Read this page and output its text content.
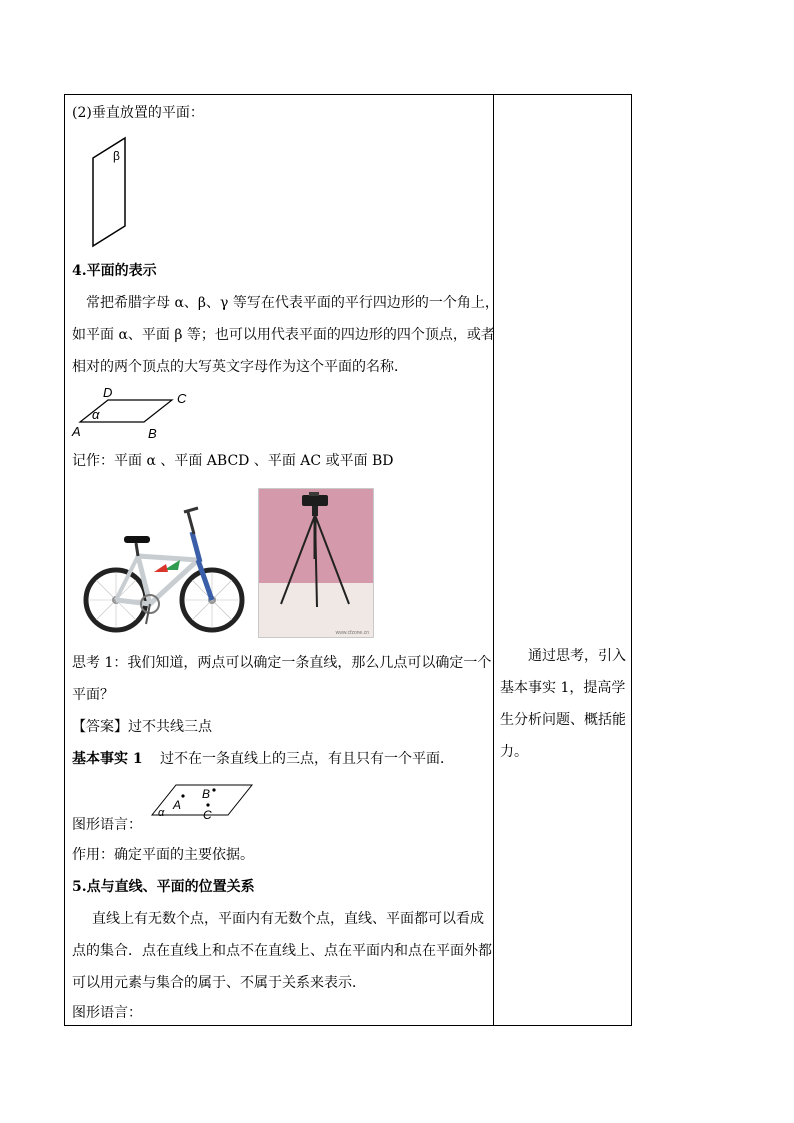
(2)垂直放置的平面：
β
4.平面的表示
常把希腊字母 α、β、γ 等写在代表平面的平行四边形的一个角上，
如平面 α、平面 β 等；也可以用代表平面的四边形的四个顶点，或者
相对的两个顶点的大写英文字母作为这个平面的名称．
D	C
A	B
α
记作：平面 α 、平面 ABCD 、平面 AC 或平面 BD
www.cfzone.cn
思考 1：我们知道，两点可以确定一条直线，那么几点可以确定一个
平面？
【答案】过不共线三点
基本事实 1 过不在一条直线上的三点，有且只有一个平面．
α
A
B
C
图形语言：
作用：确定平面的主要依据。
5.点与直线、平面的位置关系
直线上有无数个点，平面内有无数个点，直线、平面都可以看成
点的集合．点在直线上和点不在直线上、点在平面内和点在平面外都
可以用元素与集合的属于、不属于关系来表示．
图形语言：
通过思考，引入
基本事实 1，提高学
生分析问题、概括能
力。
